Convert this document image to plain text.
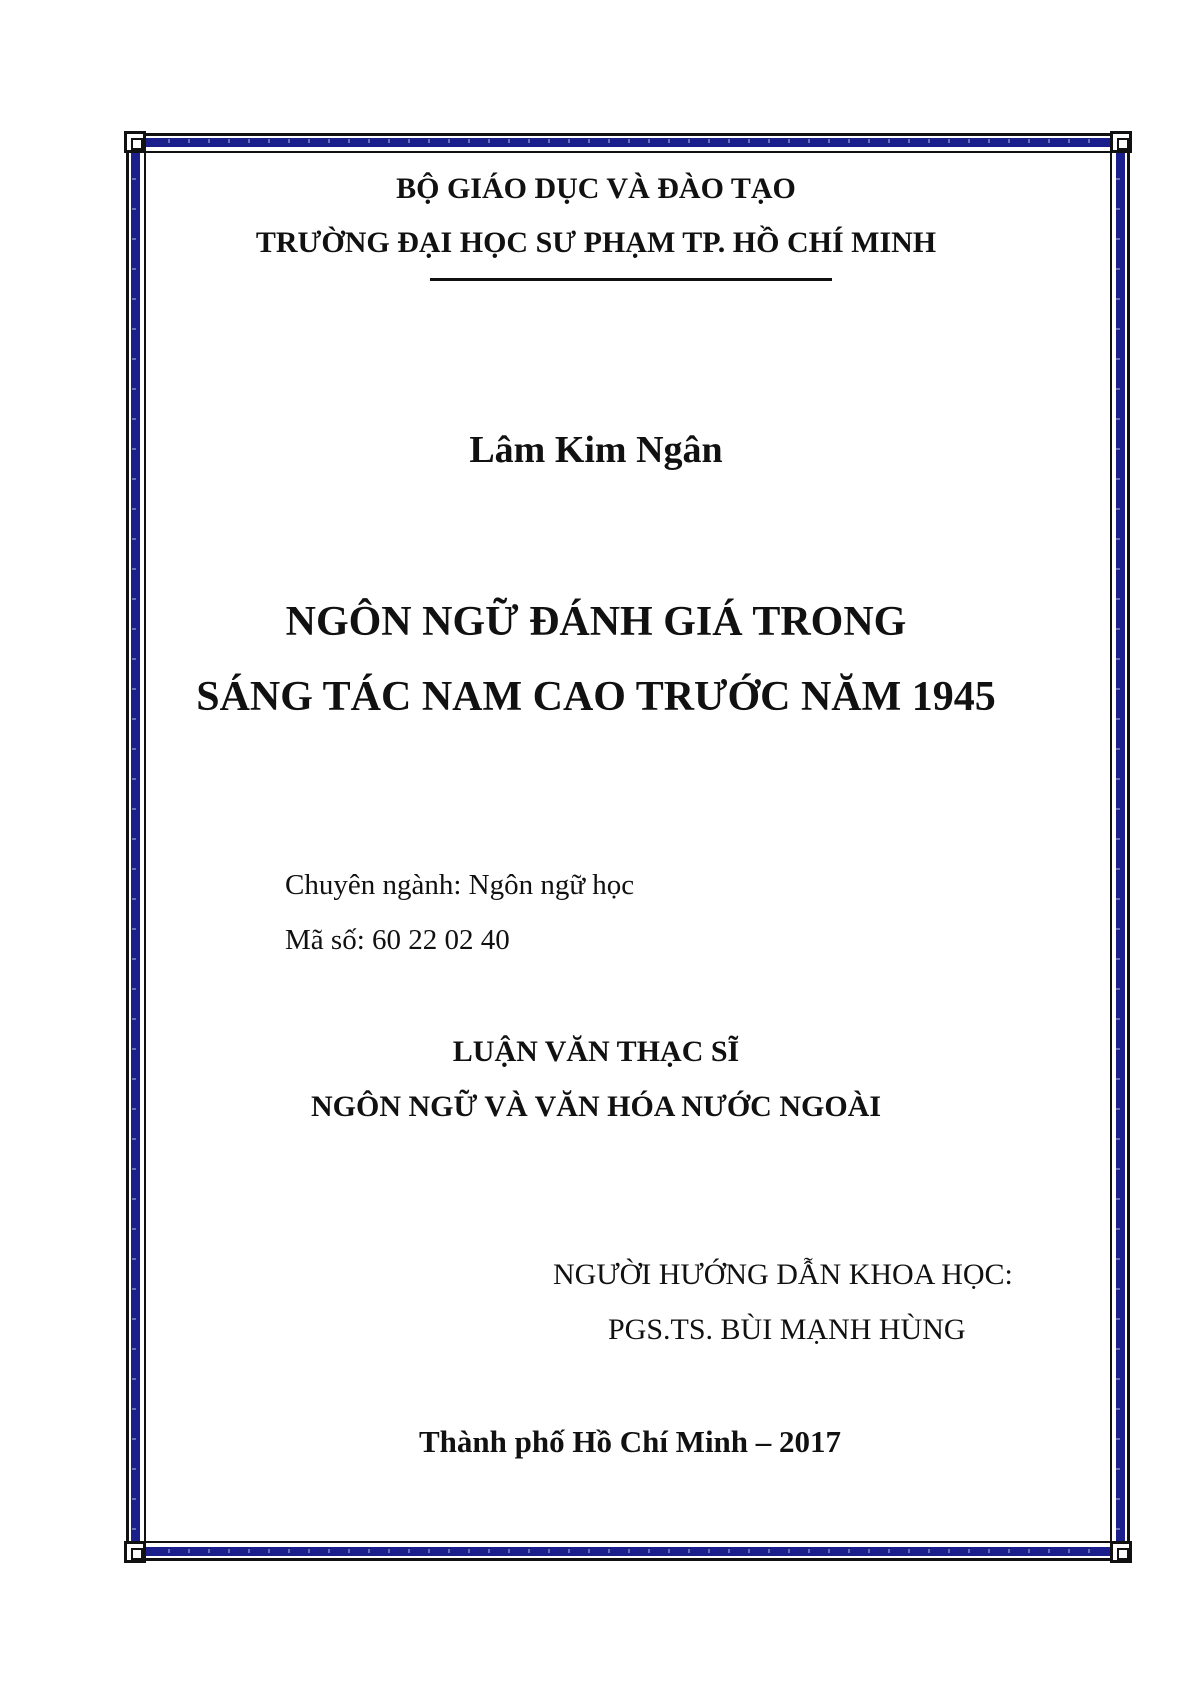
BỘ GIÁO DỤC VÀ ĐÀO TẠO
TRƯỜNG ĐẠI HỌC SƯ PHẠM TP. HỒ CHÍ MINH
Lâm Kim Ngân
NGÔN NGỮ ĐÁNH GIÁ TRONG
SÁNG TÁC NAM CAO TRƯỚC NĂM 1945
Chuyên ngành: Ngôn ngữ học
Mã số: 60 22 02 40
LUẬN VĂN THẠC SĨ
NGÔN NGỮ VÀ VĂN HÓA NƯỚC NGOÀI
NGƯỜI HƯỚNG DẪN KHOA HỌC:
PGS.TS. BÙI MẠNH HÙNG
Thành phố Hồ Chí Minh – 2017
